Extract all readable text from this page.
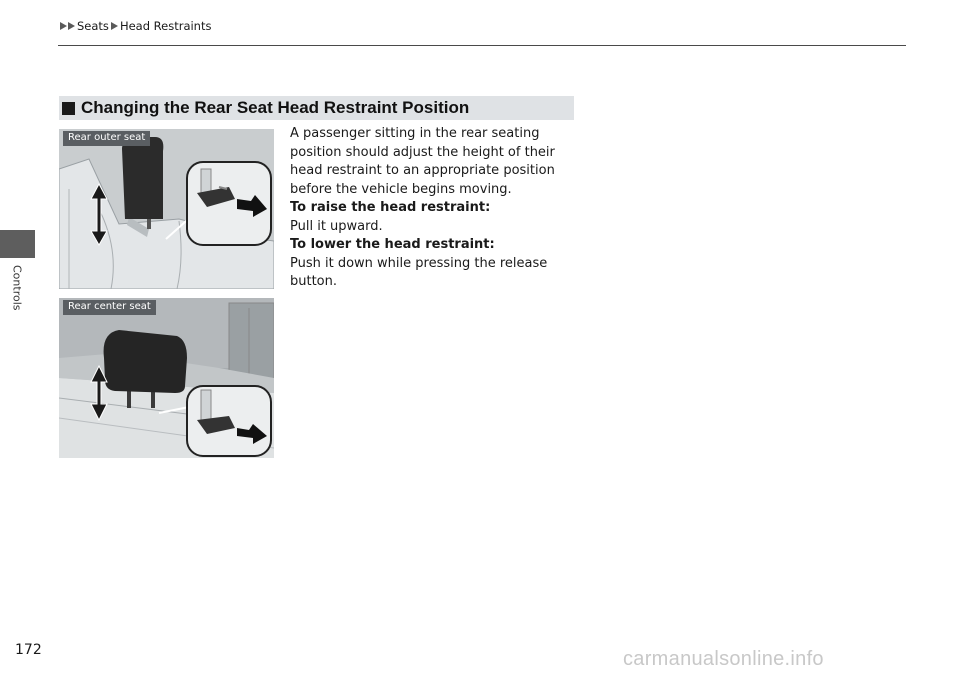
Seats Head Restraints
Controls
Changing the Rear Seat Head Restraint Position
Rear outer seat
Rear center seat

A passenger sitting in the rear seating position should adjust the height of their head restraint to an appropriate position before the vehicle begins moving.

To raise the head restraint:

Pull it upward.

To lower the head restraint:

Push it down while pressing the release button.

172	carmanualsonline.info
